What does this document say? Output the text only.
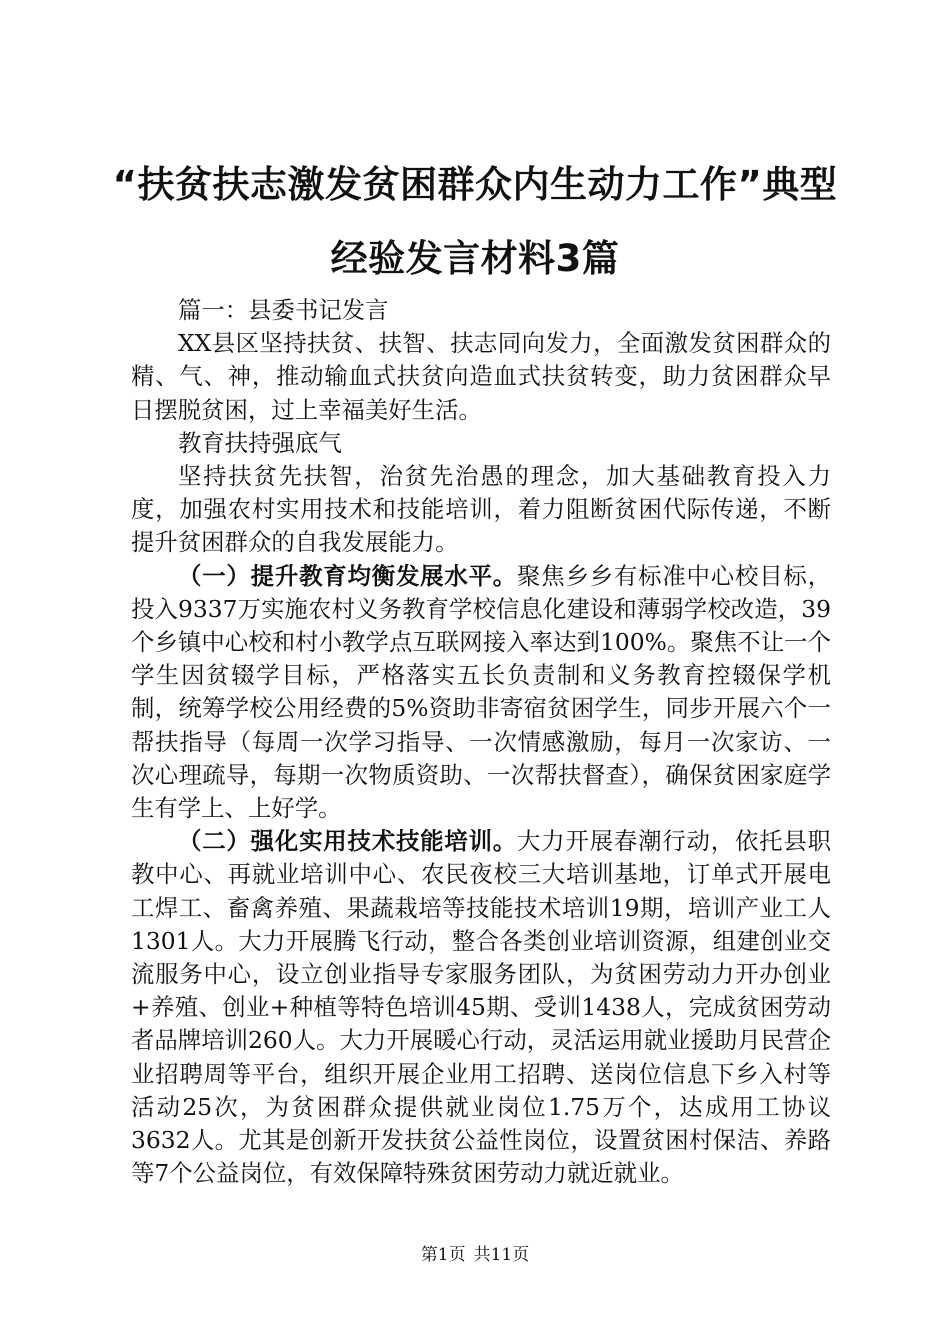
“扶贫扶志激发贫困群众内生动力工作”典型
经验发言材料3篇

篇一：县委书记发言

XX县区坚持扶贫、扶智、扶志同向发力，全面激发贫困群众的精、气、神，推动输血式扶贫向造血式扶贫转变，助力贫困群众早日摆脱贫困，过上幸福美好生活。

教育扶持强底气

坚持扶贫先扶智，治贫先治愚的理念，加大基础教育投入力度，加强农村实用技术和技能培训，着力阻断贫困代际传递，不断提升贫困群众的自我发展能力。

（一）提升教育均衡发展水平。聚焦乡乡有标准中心校目标，投入9337万实施农村义务教育学校信息化建设和薄弱学校改造，39个乡镇中心校和村小教学点互联网接入率达到100%。聚焦不让一个学生因贫辍学目标，严格落实五长负责制和义务教育控辍保学机制，统筹学校公用经费的5%资助非寄宿贫困学生，同步开展六个一帮扶指导（每周一次学习指导、一次情感激励，每月一次家访、一次心理疏导，每期一次物质资助、一次帮扶督查），确保贫困家庭学生有学上、上好学。

（二）强化实用技术技能培训。大力开展春潮行动，依托县职教中心、再就业培训中心、农民夜校三大培训基地，订单式开展电工焊工、畜禽养殖、果蔬栽培等技能技术培训19期，培训产业工人1301人。大力开展腾飞行动，整合各类创业培训资源，组建创业交流服务中心，设立创业指导专家服务团队，为贫困劳动力开办创业+养殖、创业+种植等特色培训45期、受训1438人，完成贫困劳动者品牌培训260人。大力开展暖心行动，灵活运用就业援助月民营企业招聘周等平台，组织开展企业用工招聘、送岗位信息下乡入村等活动25次，为贫困群众提供就业岗位1.75万个，达成用工协议3632人。尤其是创新开发扶贫公益性岗位，设置贫困村保洁、养路等7个公益岗位，有效保障特殊贫困劳动力就近就业。

第1页 共11页
